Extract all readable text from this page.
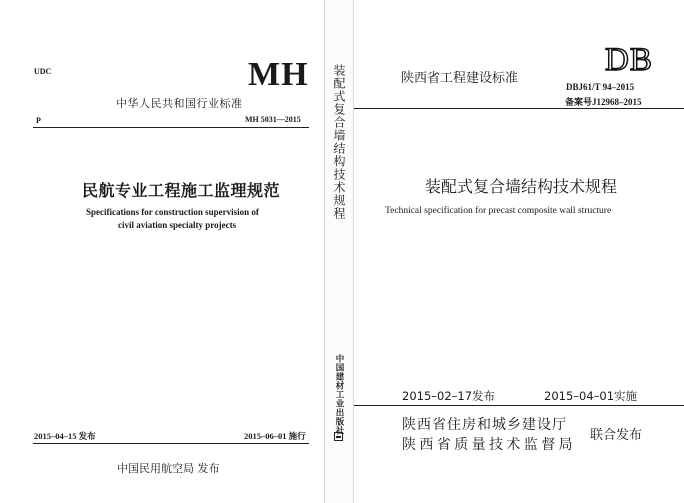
UDC	MH
中华人民共和国行业标准
P	MH 5031—2015
民航专业工程施工监理规范
Specifications for construction supervision of
civil aviation specialty projects
2015–04–15 发布	2015–06–01 施行
中国民用航空局 发布
装配式复合墙结构技术规程
中国建材工业出版社
陕西省工程建设标准
DB
DBJ61/T 94–2015
备案号J12968–2015
装配式复合墙结构技术规程
Technical specification for precast composite wall structure
2015–02–17发布	2015–04–01实施
陕西省住房和城乡建设厅
陕西省质量技术监督局
联合发布
